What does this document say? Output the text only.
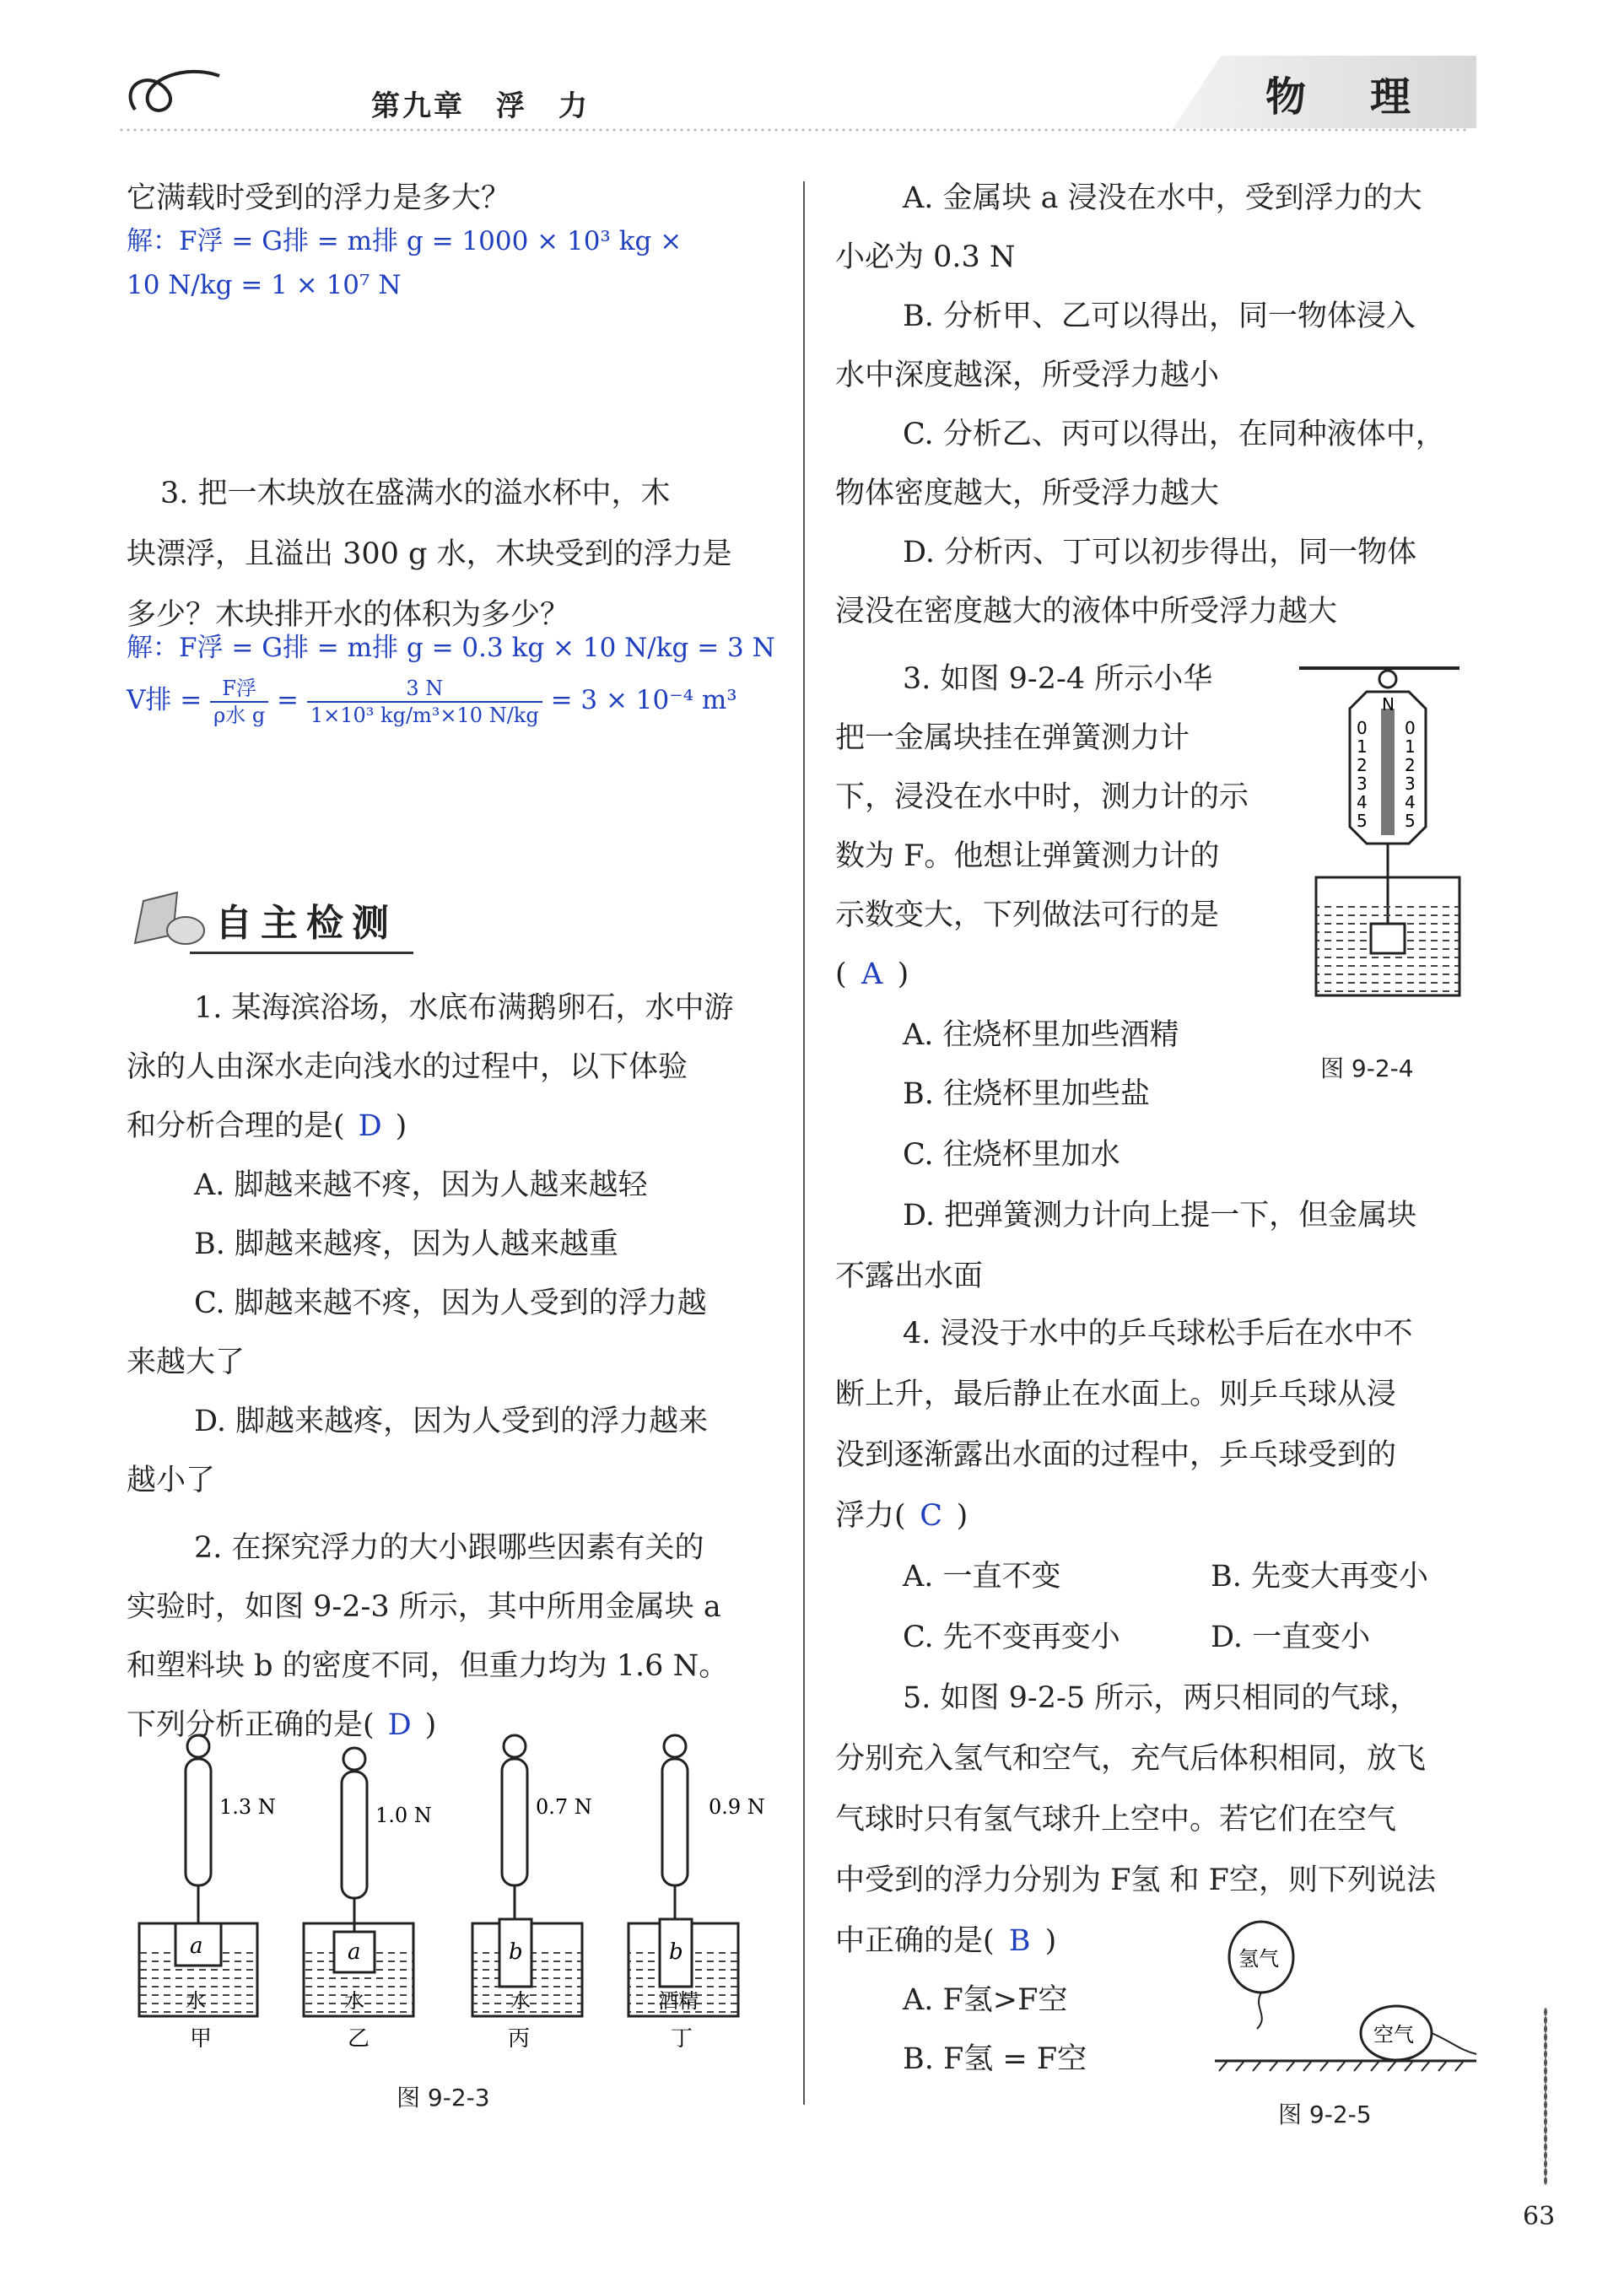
第九章　浮　力	物　理
它满载时受到的浮力是多大？
解：F浮 = G排 = m排 g = 1000 × 10³ kg ×
10 N/kg = 1 × 10⁷ N
3. 把一木块放在盛满水的溢水杯中，木
块漂浮，且溢出 300 g 水，木块受到的浮力是
多少？木块排开水的体积为多少？
解：F浮 = G排 = m排 g = 0.3 kg × 10 N/kg = 3 N
V排 = $\frac{\text{F浮}}{\text{ρ水 g}} = \frac{3 N}{\text{1×10³ kg/m³×10 N/kg}} = 3 \times 10^{-4}$ m³
自主检测
1. 某海滨浴场，水底布满鹅卵石，水中游
泳的人由深水走向浅水的过程中，以下体验
和分析合理的是( D )
A. 脚越来越不疼，因为人越来越轻
B. 脚越来越疼，因为人越来越重
C. 脚越来越不疼，因为人受到的浮力越
来越大了
D. 脚越来越疼，因为人受到的浮力越来
越小了
2. 在探究浮力的大小跟哪些因素有关的
实验时，如图 9-2-3 所示，其中所用金属块 a
和塑料块 b 的密度不同，但重力均为 1.6 N。
下列分析正确的是( D )
1.3 N
a
水
甲
1.0 N
a
水
乙
0.7 N
b
水
丙
0.9 N
b
酒精
丁
图 9-2-3
A. 金属块 a 浸没在水中，受到浮力的大
小必为 0.3 N
B. 分析甲、乙可以得出，同一物体浸入
水中深度越深，所受浮力越小
C. 分析乙、丙可以得出，在同种液体中，
物体密度越大，所受浮力越大
D. 分析丙、丁可以初步得出，同一物体
浸没在密度越大的液体中所受浮力越大
3. 如图 9-2-4 所示小华
把一金属块挂在弹簧测力计
下，浸没在水中时，测力计的示
数为 F。他想让弹簧测力计的
示数变大，下列做法可行的是
( A )
A. 往烧杯里加些酒精
B. 往烧杯里加些盐
C. 往烧杯里加水
D. 把弹簧测力计向上提一下，但金属块
不露出水面
N
0
1
2
3
4
5
0
1
2
3
4
5
图 9-2-4
4. 浸没于水中的乒乓球松手后在水中不
断上升，最后静止在水面上。则乒乓球从浸
没到逐渐露出水面的过程中，乒乓球受到的
浮力( C )
A. 一直不变	B. 先变大再变小
C. 先不变再变小	D. 一直变小
5. 如图 9-2-5 所示，两只相同的气球，
分别充入氢气和空气，充气后体积相同，放飞
气球时只有氢气球升上空中。若它们在空气
中受到的浮力分别为 F氢 和 F空，则下列说法
中正确的是( B )
A. F氢>F空
B. F氢 = F空
氢气
空气
图 9-2-5
63
